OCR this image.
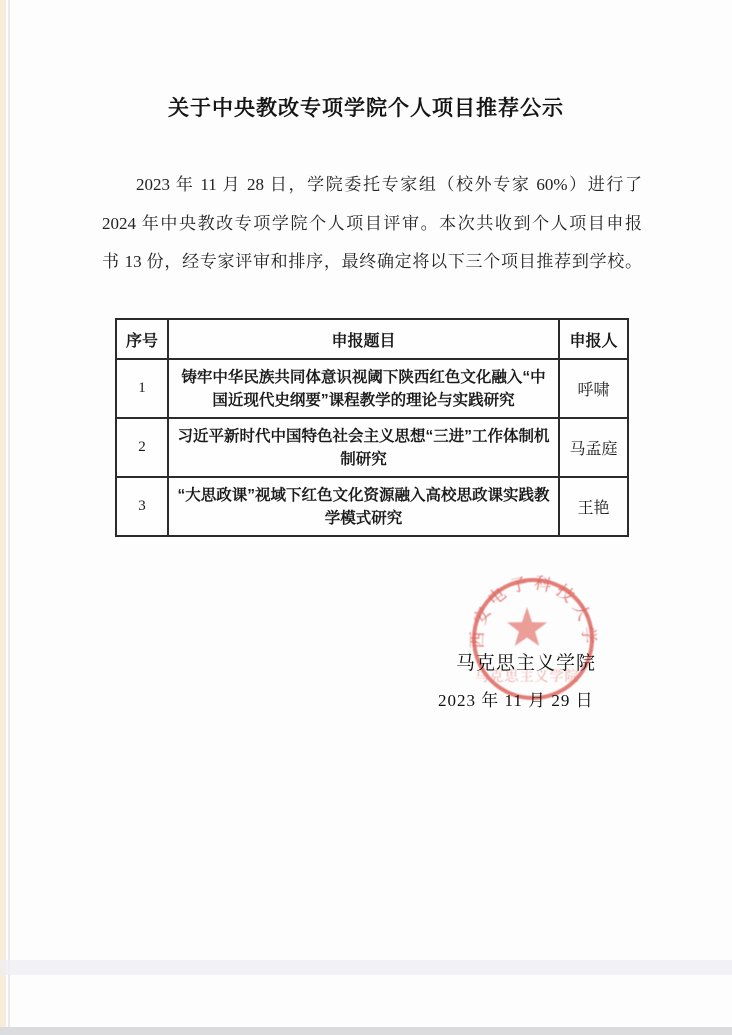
关于中央教改专项学院个人项目推荐公示
2023 年 11 月 28 日，学院委托专家组（校外专家 60%）进行了
2024 年中央教改专项学院个人项目评审。本次共收到个人项目申报
书 13 份，经专家评审和排序，最终确定将以下三个项目推荐到学校。
序号	申报题目	申报人
1	铸牢中华民族共同体意识视阈下陕西红色文化融入“中国近现代史纲要”课程教学的理论与实践研究	呼啸
2	习近平新时代中国特色社会主义思想“三进”工作体制机制研究	马孟庭
3	“大思政课”视域下红色文化资源融入高校思政课实践教学模式研究	王艳
西安电子科技大学
马克思主义学院
马克思主义学院
2023 年 11 月 29 日
